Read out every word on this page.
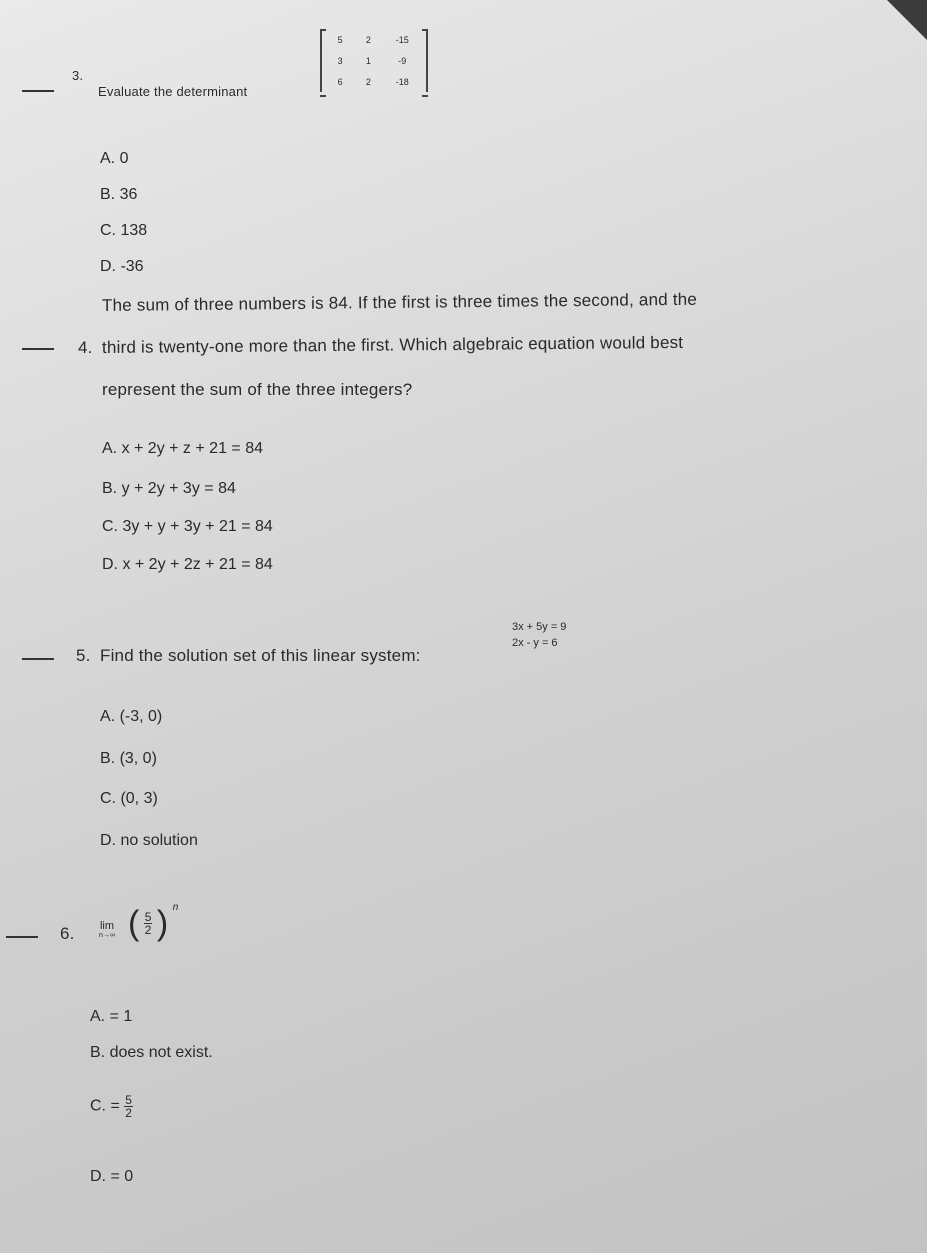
3.
Evaluate the determinant
5	2	-15
3	1	-9
6	2	-18
A. 0
B. 36
C. 138
D. -36
4.
The sum of three numbers is 84. If the first is three times the second, and the
third is twenty-one more than the first. Which algebraic equation would best
represent the sum of the three integers?
A. x + 2y + z + 21 = 84
B. y + 2y + 3y = 84
C. 3y + y + 3y + 21 = 84
D. x + 2y + 2z + 21 = 84
5. Find the solution set of this linear system:
3x + 5y = 9
2x - y = 6
A. (-3, 0)
B. (3, 0)
C. (0, 3)
D. no solution
6.	lim
n→∞ ( $\frac{5}{2}$ ) $^n$
A. = 1
B. does not exist.
C. = $\frac{5}{2}$
D. = 0
